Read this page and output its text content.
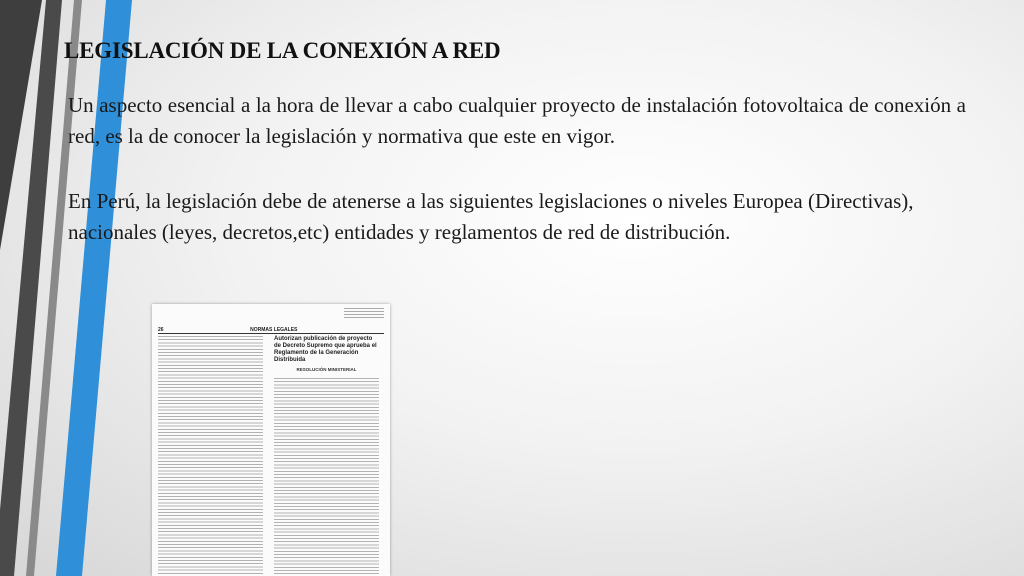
LEGISLACIÓN DE LA CONEXIÓN A RED

Un aspecto esencial a la hora de llevar a cabo cualquier proyecto de instalación fotovoltaica de conexión a red, es la de conocer la legislación y normativa que este en vigor.

En Perú, la legislación debe de atenerse a las siguientes legislaciones o niveles Europea (Directivas), nacionales (leyes, decretos,etc) entidades y reglamentos de red de distribución.

26	NORMAS LEGALES
Autorizan publicación de proyecto de Decreto Supremo que aprueba el Reglamento de la Generación Distribuida
RESOLUCIÓN MINISTERIAL
